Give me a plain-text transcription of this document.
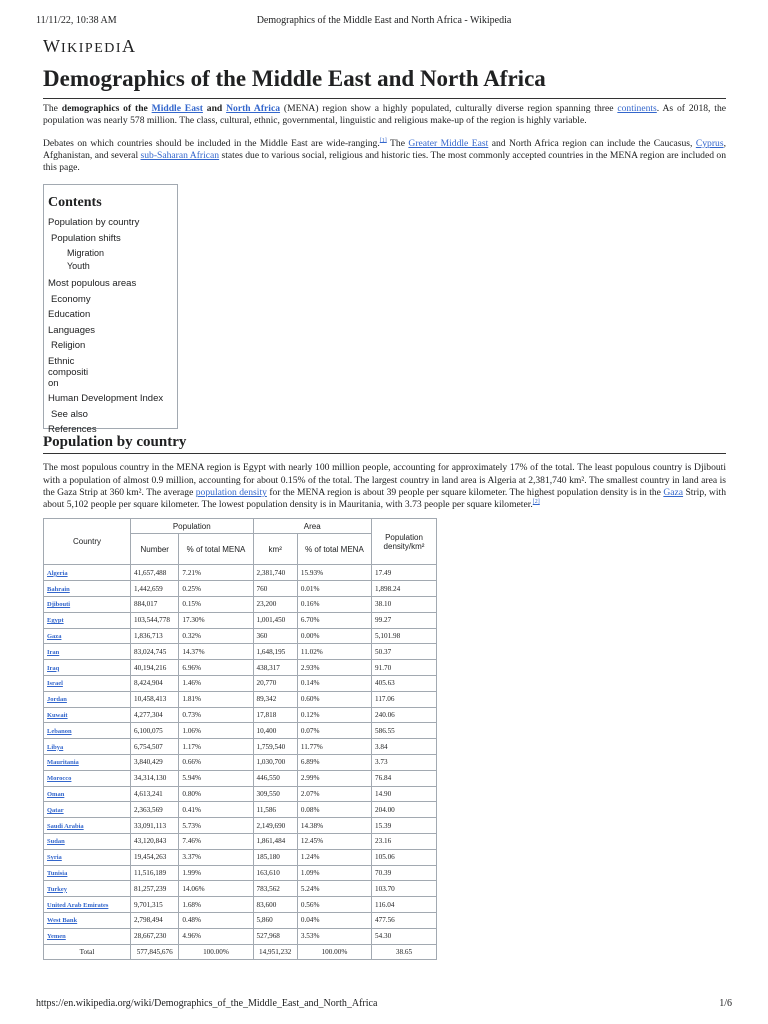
11/11/22, 10:38 AM	Demographics of the Middle East and North Africa - Wikipedia
WIKIPEDIA
Demographics of the Middle East and North Africa

The demographics of the Middle East and North Africa (MENA) region show a highly populated, culturally diverse region spanning three continents. As of 2018, the population was nearly 578 million. The class, cultural, ethnic, governmental, linguistic and religious make-up of the region is highly variable.

Debates on which countries should be included in the Middle East are wide-ranging.[1] The Greater Middle East and North Africa region can include the Caucasus, Cyprus, Afghanistan, and several sub-Saharan African states due to various social, religious and historic ties. The most commonly accepted countries in the MENA region are included on this page.

Contents
Population by country
Population shifts
Migration
Youth
Most populous areas
Economy
Education
Languages
Religion
Ethnic compositi on
Human Development Index
See also
References
Population by country

The most populous country in the MENA region is Egypt with nearly 100 million people, accounting for approximately 17% of the total. The least populous country is Djibouti with a population of almost 0.9 million, accounting for about 0.15% of the total. The largest country in land area is Algeria at 2,381,740 km². The smallest country in land area is the Gaza Strip at 360 km². The average population density for the MENA region is about 39 people per square kilometer. The highest population density is in the Gaza Strip, with about 5,102 people per square kilometer. The lowest population density is in Mauritania, with 3.73 people per square kilometer.[2]

Country	Population		Area		Population density/km²
	Number	% of total MENA	km²	% of total MENA	
Algeria	41,657,488	7.21%	2,381,740	15.93%	17.49
Bahrain	1,442,659	0.25%	760	0.01%	1,898.24
Djibouti	884,017	0.15%	23,200	0.16%	38.10
Egypt	103,544,778	17.30%	1,001,450	6.70%	99.27
Gaza	1,836,713	0.32%	360	0.00%	5,101.98
Iran	83,024,745	14.37%	1,648,195	11.02%	50.37
Iraq	40,194,216	6.96%	438,317	2.93%	91.70
Israel	8,424,904	1.46%	20,770	0.14%	405.63
Jordan	10,458,413	1.81%	89,342	0.60%	117.06
Kuwait	4,277,304	0.73%	17,818	0.12%	240.06
Lebanon	6,100,075	1.06%	10,400	0.07%	586.55
Libya	6,754,507	1.17%	1,759,540	11.77%	3.84
Mauritania	3,840,429	0.66%	1,030,700	6.89%	3.73
Morocco	34,314,130	5.94%	446,550	2.99%	76.84
Oman	4,613,241	0.80%	309,550	2.07%	14.90
Qatar	2,363,569	0.41%	11,586	0.08%	204.00
Saudi Arabia	33,091,113	5.73%	2,149,690	14.38%	15.39
Sudan	43,120,843	7.46%	1,861,484	12.45%	23.16
Syria	19,454,263	3.37%	185,180	1.24%	105.06
Tunisia	11,516,189	1.99%	163,610	1.09%	70.39
Turkey	81,257,239	14.06%	783,562	5.24%	103.70
United Arab Emirates	9,701,315	1.68%	83,600	0.56%	116.04
West Bank	2,798,494	0.48%	5,860	0.04%	477.56
Yemen	28,667,230	4.96%	527,968	3.53%	54.30
Total	577,845,676	100.00%	14,951,232	100.00%	38.65
https://en.wikipedia.org/wiki/Demographics_of_the_Middle_East_and_North_Africa	1/6
